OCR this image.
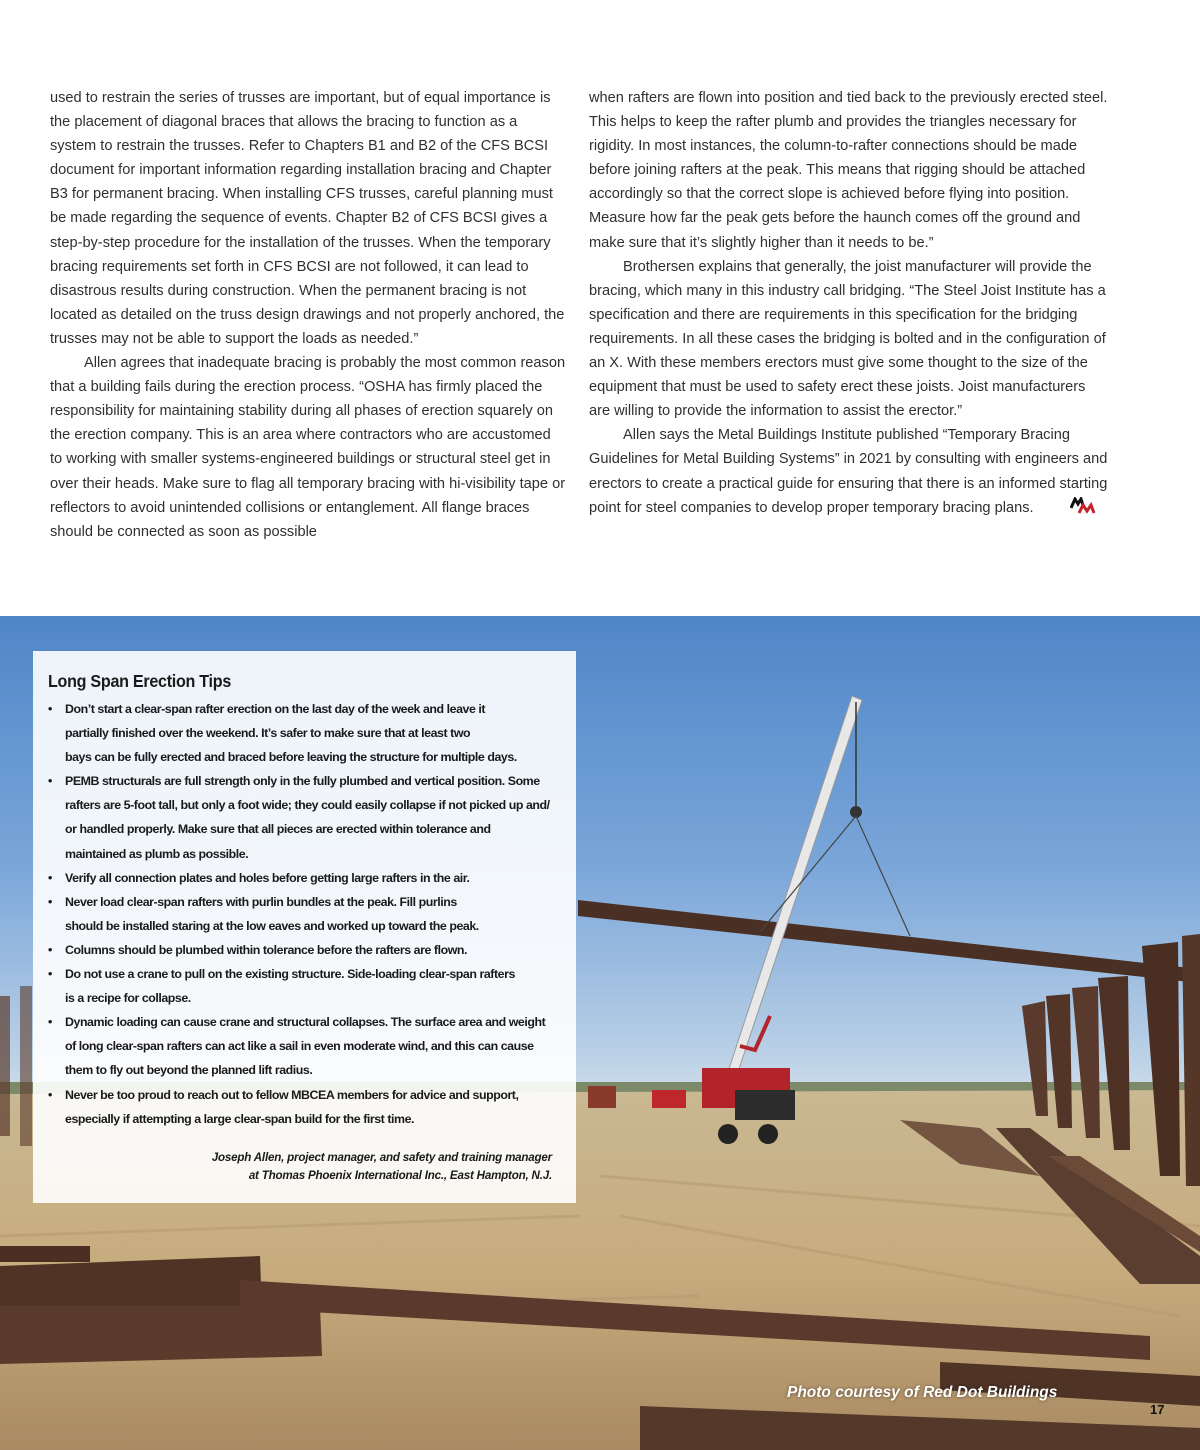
used to restrain the series of trusses are important, but of equal importance is the placement of diagonal braces that allows the bracing to function as a system to restrain the trusses. Refer to Chapters B1 and B2 of the CFS BCSI document for important information regarding installation bracing and Chapter B3 for permanent bracing. When installing CFS trusses, careful planning must be made regarding the sequence of events. Chapter B2 of CFS BCSI gives a step-by-step procedure for the installation of the trusses. When the temporary bracing requirements set forth in CFS BCSI are not followed, it can lead to disastrous results during construction. When the permanent bracing is not located as detailed on the truss design drawings and not properly anchored, the trusses may not be able to support the loads as needed.”

Allen agrees that inadequate bracing is probably the most common reason that a building fails during the erection process. “OSHA has firmly placed the responsibility for maintaining stability during all phases of erection squarely on the erection company. This is an area where contractors who are accustomed to working with smaller systems-engineered buildings or structural steel get in over their heads. Make sure to flag all temporary bracing with hi-visibility tape or reflectors to avoid unintended collisions or entanglement. All flange braces should be connected as soon as possible

when rafters are flown into position and tied back to the previously erected steel. This helps to keep the rafter plumb and provides the triangles necessary for rigidity. In most instances, the column-to-rafter connections should be made before joining rafters at the peak. This means that rigging should be attached accordingly so that the correct slope is achieved before flying into position. Measure how far the peak gets before the haunch comes off the ground and make sure that it’s slightly higher than it needs to be.”

Brothersen explains that generally, the joist manufacturer will provide the bracing, which many in this industry call bridging. “The Steel Joist Institute has a specification and there are requirements in this specification for the bridging requirements. In all these cases the bridging is bolted and in the configuration of an X. With these members erectors must give some thought to the size of the equipment that must be used to safety erect these joists. Joist manufacturers are willing to provide the information to assist the erector.”

Allen says the Metal Buildings Institute published “Temporary Bracing Guidelines for Metal Building Systems” in 2021 by consulting with engineers and erectors to create a practical guide for ensuring that there is an informed starting point for steel companies to develop proper temporary bracing plans.

Long Span Erection Tips
• Don’t start a clear-span rafter erection on the last day of the week and leave it
partially finished over the weekend. It’s safer to make sure that at least two
bays can be fully erected and braced before leaving the structure for multiple days.
• PEMB structurals are full strength only in the fully plumbed and vertical position. Some
rafters are 5-foot tall, but only a foot wide; they could easily collapse if not picked up and/
or handled properly. Make sure that all pieces are erected within tolerance and
maintained as plumb as possible.
• Verify all connection plates and holes before getting large rafters in the air.
• Never load clear-span rafters with purlin bundles at the peak. Fill purlins
should be installed staring at the low eaves and worked up toward the peak.
• Columns should be plumbed within tolerance before the rafters are flown.
• Do not use a crane to pull on the existing structure. Side-loading clear-span rafters
is a recipe for collapse.
• Dynamic loading can cause crane and structural collapses. The surface area and weight
of long clear-span rafters can act like a sail in even moderate wind, and this can cause
them to fly out beyond the planned lift radius.
• Never be too proud to reach out to fellow MBCEA members for advice and support,
especially if attempting a large clear-span build for the first time.
Joseph Allen, project manager, and safety and training manager
at Thomas Phoenix International Inc., East Hampton, N.J.
Photo courtesy of Red Dot Buildings
17
